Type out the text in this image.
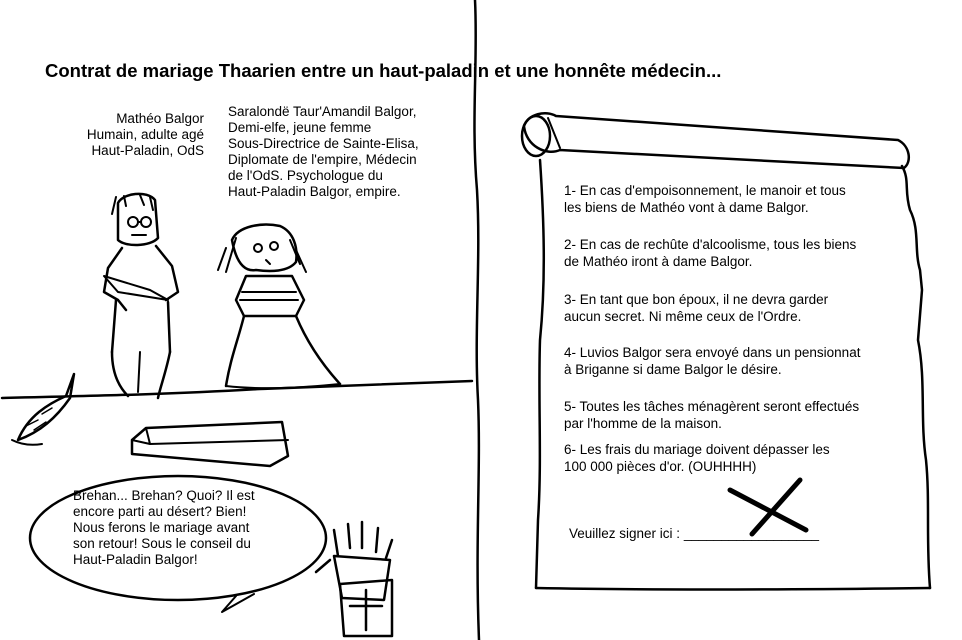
Contrat de mariage Thaarien entre un haut-paladin et une honnête médecin...
Mathéo Balgor
Humain, adulte agé
Haut-Paladin, OdS
Saralondë Taur'Amandil Balgor,
Demi-elfe, jeune femme
Sous-Directrice de Sainte-Elisa,
Diplomate de l'empire, Médecin
de l'OdS. Psychologue du
Haut-Paladin Balgor, empire.	1- En cas d'empoisonnement, le manoir et tous
les biens de Mathéo vont à dame Balgor.
2- En cas de rechûte d'alcoolisme, tous les biens
de Mathéo iront à dame Balgor.
3- En tant que bon époux, il ne devra garder
aucun secret. Ni même ceux de l'Ordre.
4- Luvios Balgor sera envoyé dans un pensionnat
à Briganne si dame Balgor le désire.
5- Toutes les tâches ménagèrent seront effectués
par l'homme de la maison.
6- Les frais du mariage doivent dépasser les
100 000 pièces d'or. (OUHHHH)
Veuillez signer ici : __________________
Brehan... Brehan? Quoi? Il est
encore parti au désert? Bien!
Nous ferons le mariage avant
son retour! Sous le conseil du
Haut-Paladin Balgor!
